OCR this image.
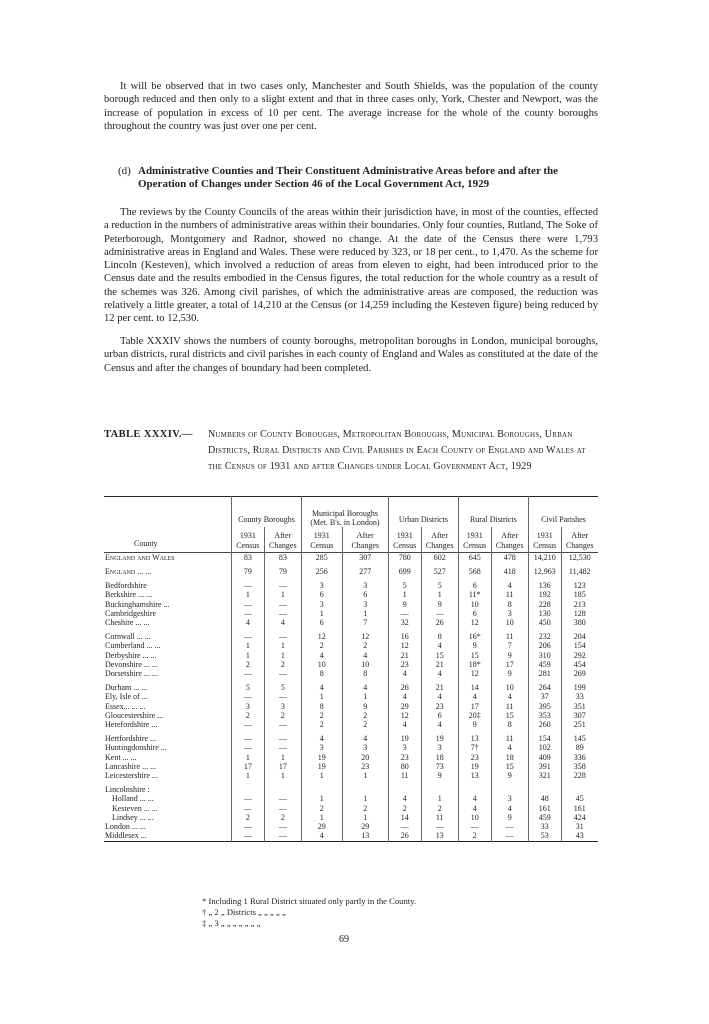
It will be observed that in two cases only, Manchester and South Shields, was the population of the county borough reduced and then only to a slight extent and that in three cases only, York, Chester and Newport, was the increase of population in excess of 10 per cent. The average increase for the whole of the county boroughs throughout the country was just over one per cent.
(d) Administrative Counties and Their Constituent Administrative Areas before and after the Operation of Changes under Section 46 of the Local Government Act, 1929
The reviews by the County Councils of the areas within their jurisdiction have, in most of the counties, effected a reduction in the numbers of administrative areas within their boundaries. Only four counties, Rutland, The Soke of Peterborough, Montgomery and Radnor, showed no change. At the date of the Census there were 1,793 administrative areas in England and Wales. These were reduced by 323, or 18 per cent., to 1,470. As the scheme for Lincoln (Kesteven), which involved a reduction of areas from eleven to eight, had been introduced prior to the Census date and the results embodied in the Census figures, the total reduction for the whole country as a result of the schemes was 326. Among civil parishes, of which the administrative areas are composed, the reduction was relatively a little greater, a total of 14,210 at the Census (or 14,259 including the Kesteven figure) being reduced by 12 per cent. to 12,530.
Table XXXIV shows the numbers of county boroughs, metropolitan boroughs in London, municipal boroughs, urban districts, rural districts and civil parishes in each county of England and Wales as constituted at the date of the Census and after the changes of boundary had been completed.
TABLE XXXIV.— Numbers of County Boroughs, Metropolitan Boroughs, Municipal Boroughs, Urban Districts, Rural Districts and Civil Parishes in Each County of England and Wales at the Census of 1931 and after Changes under Local Government Act, 1929
County	County Boroughs		Municipal Boroughs (Met. B's. in London)		Urban Districts		Rural Districts		Civil Parishes	
	1931 Census	After Changes	1931 Census	After Changes	1931 Census	After Changes	1931 Census	After Changes	1931 Census	After Changes
England and Wales	83	83	285	307	780	602	645	478	14,210	12,530

England ... ...	79	79	256	277	699	527	568	418	12,963	11,482

Bedfordshire	—	—	3	3	5	5	6	4	136	123
Berkshire ... ...	1	1	6	6	1	1	11*	11	192	185
Buckinghamshire ...	—	—	3	3	9	9	10	8	228	213
Cambridgeshire	—	—	1	1	—	—	6	3	130	128
Cheshire ... ...	4	4	6	7	32	26	12	10	450	380

Cornwall ... ...	—	—	12	12	16	8	16*	11	232	204
Cumberland ... ...	1	1	2	2	12	4	9	7	206	154
Derbyshire ... ...	1	1	4	4	21	15	15	9	310	292
Devonshire ... ...	2	2	10	10	23	21	18*	17	459	454
Dorsetshire ... ...	—	—	8	8	4	4	12	9	281	269

Durham ... ...	5	5	4	4	26	21	14	10	264	199
Ely, Isle of ...	—	—	1	1	4	4	4	4	37	33
Essex... ... ...	3	3	8	9	29	23	17	11	395	351
Gloucestershire ...	2	2	2	2	12	6	20‡	15	353	307
Herefordshire ...	—	—	2	2	4	4	9	8	260	251

Hertfordshire ...	—	—	4	4	19	19	13	11	154	145
Huntingdonshire ...	—	—	3	3	3	3	7†	4	102	89
Kent ... ...	1	1	19	20	23	18	23	18	409	336
Lancashire ... ...	17	17	19	23	80	73	19	15	391	358
Leicestershire ...	1	1	1	1	11	9	13	9	321	228

Lincolnshire :										
Holland ... ...	—	—	1	1	4	1	4	3	48	45
Kesteven ... ...	—	—	2	2	2	2	4	4	161	161
Lindsey ... ...	2	2	1	1	14	11	10	9	459	424
London ... ...	—	—	29	29	—	—	—	—	33	31
Middlesex ...	—	—	4	13	26	13	2	—	53	43
* Including 1 Rural District situated only partly in the County.
† „ 2 „ Districts „ „ „ „ „
‡ „ 3 „ „ „ „ „ „ „
69
